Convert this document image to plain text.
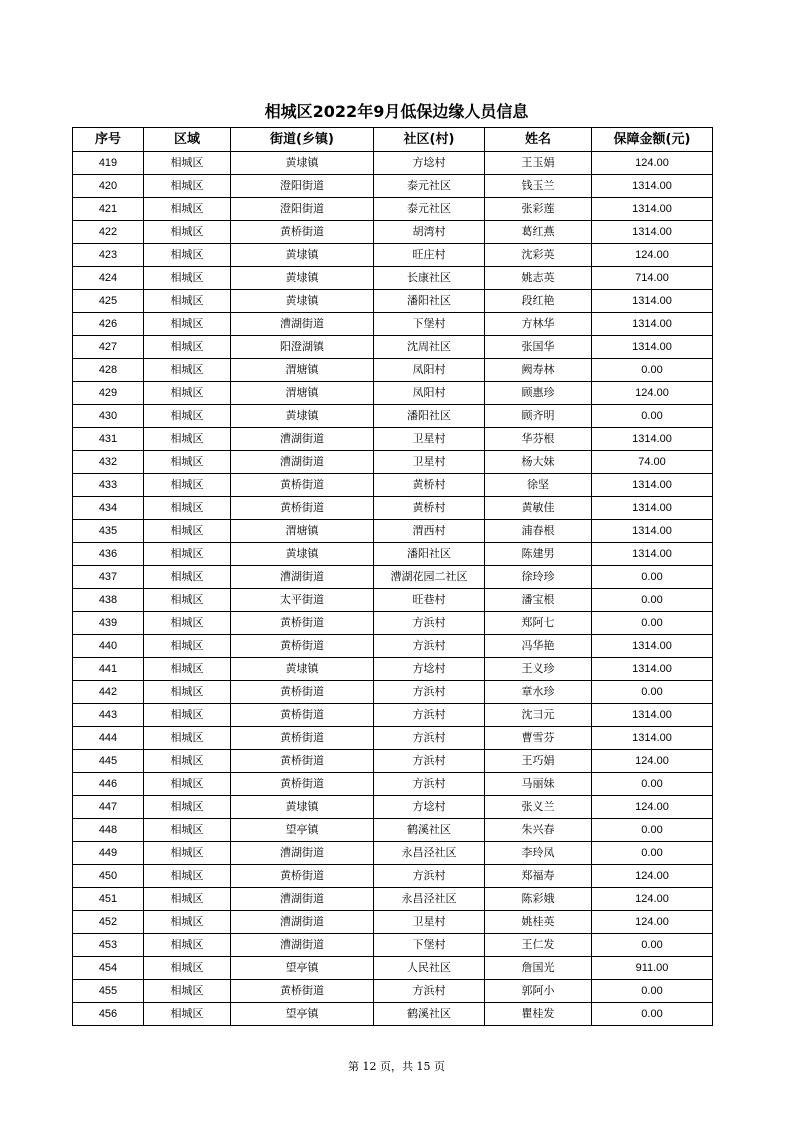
相城区2022年9月低保边缘人员信息
序号	区域	街道(乡镇)	社区(村)	姓名	保障金额(元)
419	相城区	黄埭镇	方埝村	王玉娟	124.00
420	相城区	澄阳街道	泰元社区	钱玉兰	1314.00
421	相城区	澄阳街道	泰元社区	张彩莲	1314.00
422	相城区	黄桥街道	胡湾村	葛红燕	1314.00
423	相城区	黄埭镇	旺庄村	沈彩英	124.00
424	相城区	黄埭镇	长康社区	姚志英	714.00
425	相城区	黄埭镇	潘阳社区	段红艳	1314.00
426	相城区	漕湖街道	下堡村	方林华	1314.00
427	相城区	阳澄湖镇	沈周社区	张国华	1314.00
428	相城区	渭塘镇	凤阳村	阙寿林	0.00
429	相城区	渭塘镇	凤阳村	顾惠珍	124.00
430	相城区	黄埭镇	潘阳社区	顾齐明	0.00
431	相城区	漕湖街道	卫星村	华芬根	1314.00
432	相城区	漕湖街道	卫星村	杨大妹	74.00
433	相城区	黄桥街道	黄桥村	徐坚	1314.00
434	相城区	黄桥街道	黄桥村	黄敏佳	1314.00
435	相城区	渭塘镇	渭西村	浦春根	1314.00
436	相城区	黄埭镇	潘阳社区	陈建男	1314.00
437	相城区	漕湖街道	漕湖花园二社区	徐玲珍	0.00
438	相城区	太平街道	旺巷村	潘宝根	0.00
439	相城区	黄桥街道	方浜村	郑阿七	0.00
440	相城区	黄桥街道	方浜村	冯华艳	1314.00
441	相城区	黄埭镇	方埝村	王义珍	1314.00
442	相城区	黄桥街道	方浜村	章水珍	0.00
443	相城区	黄桥街道	方浜村	沈彐元	1314.00
444	相城区	黄桥街道	方浜村	曹雪芬	1314.00
445	相城区	黄桥街道	方浜村	王巧娟	124.00
446	相城区	黄桥街道	方浜村	马丽妹	0.00
447	相城区	黄埭镇	方埝村	张义兰	124.00
448	相城区	望亭镇	鹤溪社区	朱兴春	0.00
449	相城区	漕湖街道	永昌泾社区	李玲凤	0.00
450	相城区	黄桥街道	方浜村	郑福寿	124.00
451	相城区	漕湖街道	永昌泾社区	陈彩娥	124.00
452	相城区	漕湖街道	卫星村	姚桂英	124.00
453	相城区	漕湖街道	下堡村	王仁发	0.00
454	相城区	望亭镇	人民社区	詹国光	911.00
455	相城区	黄桥街道	方浜村	郭阿小	0.00
456	相城区	望亭镇	鹤溪社区	瞿桂发	0.00
第 12 页，共 15 页
